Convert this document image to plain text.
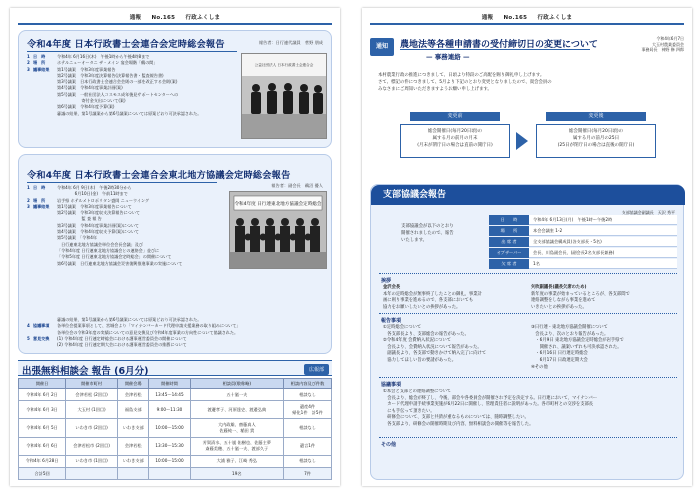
通報 No.165 行政ふくしま
令和4年度 日本行政書士会連合会定時総会報告	報告者：日行連代議員　菅野 朋成
1 日　時	令和4年 6月16日(木)　午後1時から午後4時8まで
2 場　所	ホテルニューオータニ ザ・メイン 宴会場階「鶴の間」
3 議事結果 第1号議案　令和3年度事業報告
第2号議案　令和3年度決算報告(決算報告書・監査報告書)
第3号議案　日本行政書士会連合会会則の一部を改正する会則(案)
第4号議案　令和4年度事業計画(案)
第5号議案　一般社団法人コスモス成年後見サポートセンターへの
　　　　　　寄付金支出について(案)
第6号議案　令和4年度予算(案)
審議の結果、第1号議案から第6号議案については原案どおり可決承認された。
公益社団法人 日本行政書士会連合会
令和4年度 日本行政書士会連合会東北地方協議会定時総会報告
報告者：副会長　鵜沼 優人
1 日　時	令和4年 6月 9日(木)　午後2時30分から
　　　　 6月10日(金)　午前11時まで
2 場　所	岩手県 ホテルメトロポリタン盛岡 ニューウイング
3 議事結果 第1号議案　令和3年度事業報告について
第2号議案　令和3年度収支決算報告について
　　　　　　監 査 報 告
第3号議案　令和4年度事業計画(案)について
第4号議案　令和4年度収支予算(案)について
第5号議案　「令和4年
　日行連東北地方協議会単位会会長会議」及び
「令和4年度 日行連東北地方協議会との連絡会」並びに
「令和5年度 日行連東北地方協議会定時総会」の開催について
第6号議案　日行連東北地方協議会災害復興推進事業の実施について
令和4年度 日行連東北地方協議会定時総会
審議の結果、第1号議案から第6号議案については原案どおり可決承認された。
4 協議事項 各単位会提案事項として、宮城会より「マイナンバーカード代理申請支援業務の取り組みについて」
各単位会の令和3年度の実績についての意見交換及び令和4年度事業の方向性について協議された。
5 意見交換 (1) 令和4年度 日行連定時総会における護事運営委員会の開催について
(2) 令和4年度 日行連定期大会における護事運営委員会の推薦について
出張無料相談会 報告 (6月分)	広報部
開催日	開催市町村	開催会場	開催時間	相談員(敬称略)	相談内容及び件数
令和4年 6月 2日	会津若松 (2回目)	会津若松	13:45〜14:45	五十嵐一夫	相談なし
令和4年 6月 3日	大玉村 (1回目)	福島支部	9:00〜11:30	渡邊孝子、河原達史、渡邉弘典	遺産4件
帰化1件　計5件
令和4年 6月 5日	いわき市 (2回目)	いわき支部	10:00〜15:00	大内政雄、齋藤真人
佐藤純一、稲田 貴	相談なし
令和4年 6月 6日	会津若松市 (2回目)	会津若松	13:30〜15:30	芳賀清水、五十嵐 佑樹也、佐藤主夢
斎藤美穂、五十嵐一夫、渡部久子	遺言1件
令和4年 6月28日	いわき市 (1回目)	いわき支部	10:00〜15:00	大浦 雅子、江崎 秀弘	相談なし
合計5回				19名	7件
通報 No.165 行政ふくしま
通知	農地法等各種申請書の受付締切日の変更について
— 事務連絡 —
令和4年6月7日
大玉村農業委員会
事務局長　神野 修 四郎
本村農業行政の推進につきまして、日頃より特段のご高配を賜り御礼申し上げます。
さて、標記の件につきまして、5月より下記のとおり変更となりましたので、貴会会員の
みなさまにご周知いただきますようお願い申し上げます。
変更前
総会開催日(毎月20日頃)の
属する月の前月の月末
(月末が閉庁日の場合は直前の開庁日)
変更後
総会開催日(毎月20日頃)の
属する月の前月の25日
(25日が閉庁日の場合は直後の開庁日)
支部協議会報告
支部協議会副議長　天沢 秀平
支部協議会が以下のとおり
開催されましたので、報告
いたします。
日　　時	令和4年 6月13日(月)　午後1時〜午後2時
場　　所	本会会議室 1-2
出 席 者	全支部協議会構成員(各支部長・5名)
オブザーバー	会長、川島副会長、(副会長2名支部長兼務)
欠 席 者	1名
挨拶
金沢会長
本年の定時総会が無事終了したことの御礼、事業計
画に則り事業を進めるので、各支部においても
協力をお願いしたいとの挨拶があった。
矢吹副議長(議長欠席のため)
新年度の事業が始まっているところが、各支部間で
連絡調整をしながら事業を進めて
いきたいとの挨拶があった。
報告事項
①定時総会について
　各支部長より、支部総会の報告があった。
②令和4年度 会費納入状況について
　会長より、会費納入状況について報告があった。
　副議長より、各支部で動きかけて納入完了に向けて
　協力してほしい旨の要請があった。
③日行連・東北地方協議会開催について
　会長より、次のとおり報告があった。
　・6月9日 東北地方協議会定時総会が岩手県で
　　開催され、議案いずれも可決承認された。
　・6月16日 日行連定時総会
　　6月17日 日政連定期大会
④その他
協議事項
①本会と支部との連絡調整について
　会長より、総会が終了し、今後、部会や各委員会が開催され予定を決定する。日行連において、マイナンバー
　カード代理申請手続事業実施が6月22日に開催し、管理責任者に説明があった。各市町村との交渉を支部長
　にも手伝って頂きたい。
　研修会について、支部と共済が重なるものについては、随時調整したい。
　各支部より、研修会の開催時期及び内容、無料相談会の開催等を報告した。
その他
